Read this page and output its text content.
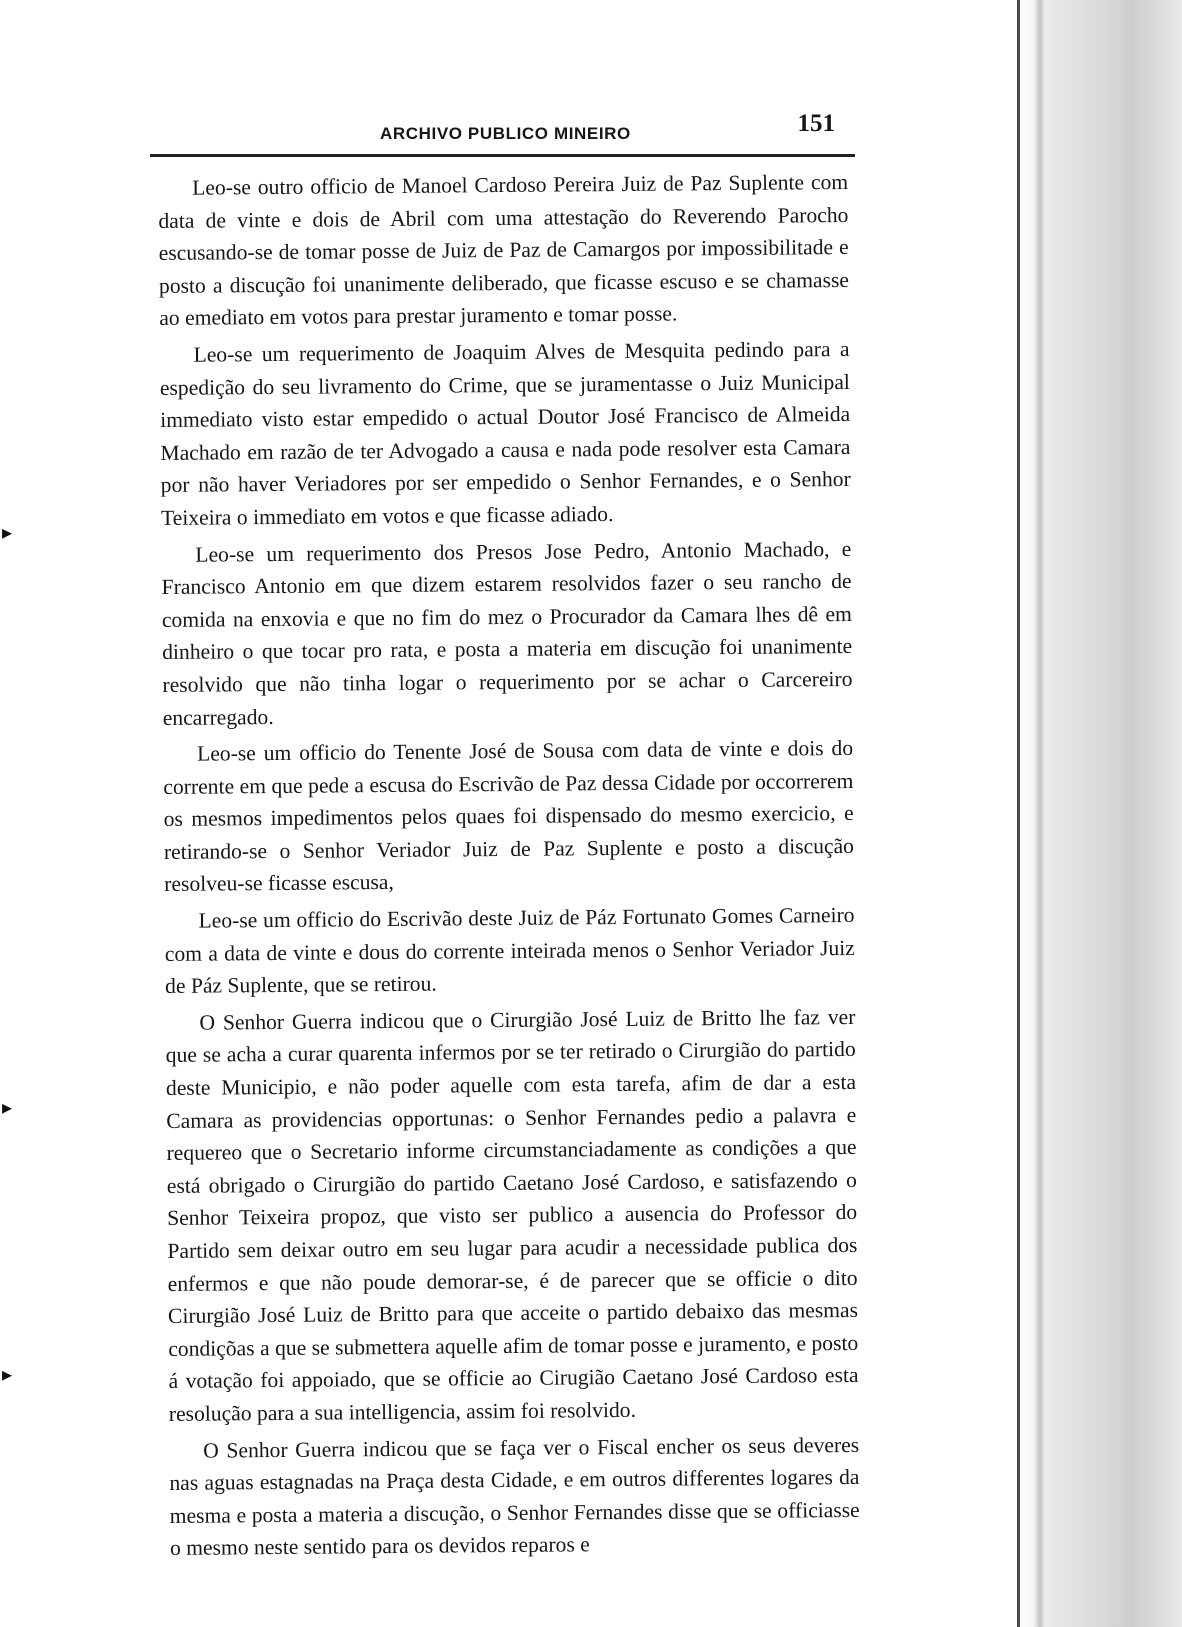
▸
▸
▸
ARCHIVO PUBLICO MINEIRO	151

Leo-se outro officio de Manoel Cardoso Pereira Juiz de Paz Suplente com data de vinte e dois de Abril com uma attestação do Reverendo Parocho escusando-se de tomar posse de Juiz de Paz de Camargos por impossibilitade e posto a discução foi unanimente deliberado, que ficasse escuso e se chamasse ao emediato em votos para prestar juramento e tomar posse.

Leo-se um requerimento de Joaquim Alves de Mesquita pedindo para a espedição do seu livramento do Crime, que se juramentasse o Juiz Municipal immediato visto estar empedido o actual Doutor José Francisco de Almeida Machado em razão de ter Advogado a causa e nada pode resolver esta Camara por não haver Veriadores por ser empedido o Senhor Fernandes, e o Senhor Teixeira o immediato em votos e que ficasse adiado.

Leo-se um requerimento dos Presos Jose Pedro, Antonio Machado, e Francisco Antonio em que dizem estarem resolvidos fazer o seu rancho de comida na enxovia e que no fim do mez o Procurador da Camara lhes dê em dinheiro o que tocar pro rata, e posta a materia em discução foi unanimente resolvido que não tinha logar o requerimento por se achar o Carcereiro encarregado.

Leo-se um officio do Tenente José de Sousa com data de vinte e dois do corrente em que pede a escusa do Escrivão de Paz dessa Cidade por occorrerem os mesmos impedimentos pelos quaes foi dispensado do mesmo exercicio, e retirando-se o Senhor Veriador Juiz de Paz Suplente e posto a discução resolveu-se ficasse escusa,

Leo-se um officio do Escrivão deste Juiz de Páz Fortunato Gomes Carneiro com a data de vinte e dous do corrente inteirada menos o Senhor Veriador Juiz de Páz Suplente, que se retirou.

O Senhor Guerra indicou que o Cirurgião José Luiz de Britto lhe faz ver que se acha a curar quarenta infermos por se ter retirado o Cirurgião do partido deste Municipio, e não poder aquelle com esta tarefa, afim de dar a esta Camara as providencias opportunas: o Senhor Fernandes pedio a palavra e requereo que o Secretario informe circumstanciadamente as condições a que está obrigado o Cirurgião do partido Caetano José Cardoso, e satisfazendo o Senhor Teixeira propoz, que visto ser publico a ausencia do Professor do Partido sem deixar outro em seu lugar para acudir a necessidade publica dos enfermos e que não poude demorar-se, é de parecer que se officie o dito Cirurgião José Luiz de Britto para que acceite o partido debaixo das mesmas condiçõas a que se submettera aquelle afim de tomar posse e juramento, e posto á votação foi appoiado, que se officie ao Cirugião Caetano José Cardoso esta resolução para a sua intelligencia, assim foi resolvido.

O Senhor Guerra indicou que se faça ver o Fiscal encher os seus deveres nas aguas estagnadas na Praça desta Cidade, e em outros differentes logares da mesma e posta a materia a discução, o Senhor Fernandes disse que se officiasse o mesmo neste sentido para os devidos reparos e
